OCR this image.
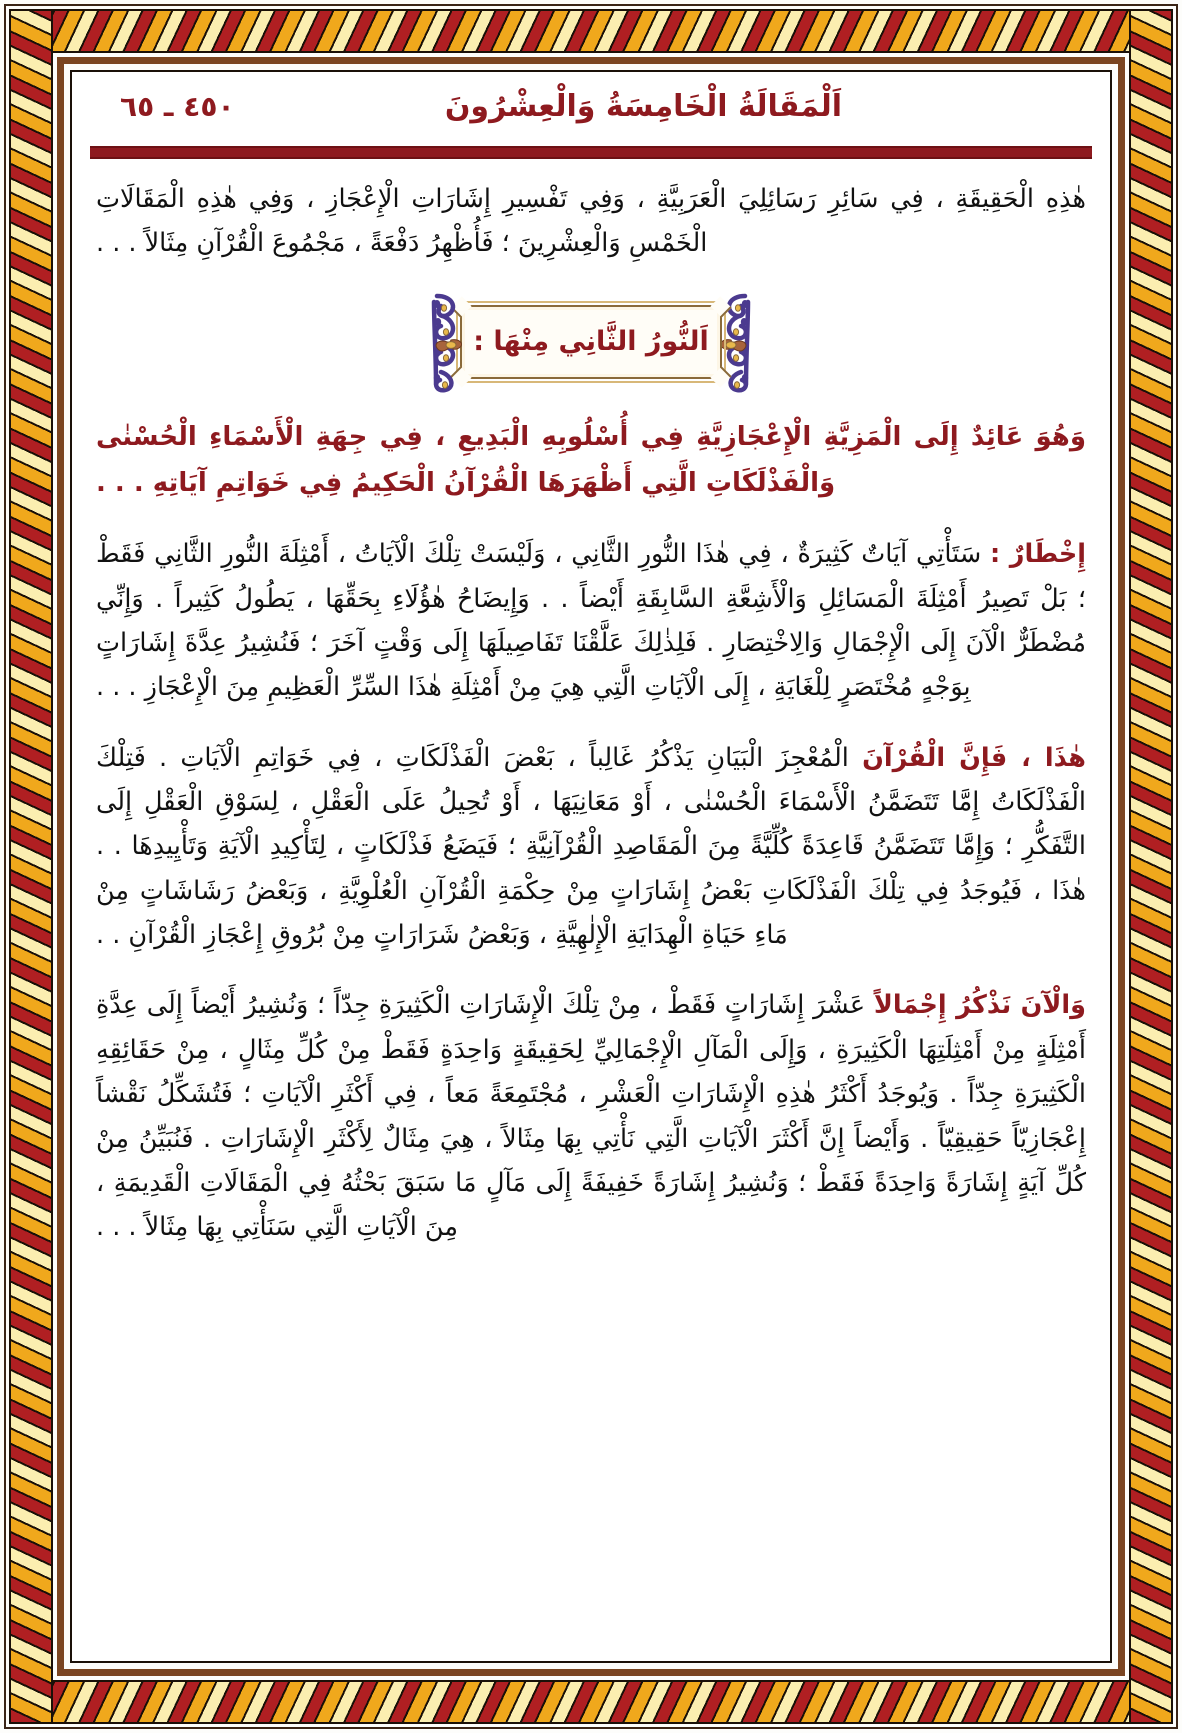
اَلْمَقَالَةُ الْخَامِسَةُ وَالْعِشْرُونَ
٤٥٠ ـ ٦٥

هٰذِهِ الْحَقِيقَةِ ، فِي سَائِرِ رَسَائِلِيَ الْعَرَبِيَّةِ ، وَفِي تَفْسِيرِ إِشَارَاتِ الْإِعْجَازِ ، وَفِي هٰذِهِ الْمَقَالَاتِ الْخَمْسِ وَالْعِشْرِينَ ؛ فَأُظْهِرُ دَفْعَةً ، مَجْمُوعَ الْقُرْآنِ مِثَالاً . . .

اَلنُّورُ الثَّانِي مِنْهَا :

وَهُوَ عَائِدٌ إِلَى الْمَزِيَّةِ الْإِعْجَازِيَّةِ فِي أُسْلُوبِهِ الْبَدِيعِ ، فِي جِهَةِ الْأَسْمَاءِ الْحُسْنٰى وَالْفَذْلَكَاتِ الَّتِي أَظْهَرَهَا الْقُرْآنُ الْحَكِيمُ فِي خَوَاتِمِ آيَاتِهِ . . .

إِخْطَارٌ : سَتَأْتِي آيَاتٌ كَثِيرَةٌ ، فِي هٰذَا النُّورِ الثَّانِي ، وَلَيْسَتْ تِلْكَ الْآيَاتُ ، أَمْثِلَةَ النُّورِ الثَّانِي فَقَطْ ؛ بَلْ تَصِيرُ أَمْثِلَةَ الْمَسَائِلِ وَالْأَشِعَّةِ السَّابِقَةِ أَيْضاً . . وَإِيضَاحُ هٰؤُلَاءِ بِحَقِّهَا ، يَطُولُ كَثِيراً . وَإِنِّي مُضْطَرٌّ الْآنَ إِلَى الْإِجْمَالِ وَالِاخْتِصَارِ . فَلِذٰلِكَ عَلَّقْنَا تَفَاصِيلَهَا إِلَى وَقْتٍ آخَرَ ؛ فَنُشِيرُ عِدَّةَ إِشَارَاتٍ بِوَجْهٍ مُخْتَصَرٍ لِلْغَايَةِ ، إِلَى الْآيَاتِ الَّتِي هِيَ مِنْ أَمْثِلَةِ هٰذَا السِّرِّ الْعَظِيمِ مِنَ الْإِعْجَازِ . . .

هٰذَا ، فَإِنَّ الْقُرْآنَ الْمُعْجِزَ الْبَيَانِ يَذْكُرُ غَالِباً ، بَعْضَ الْفَذْلَكَاتِ ، فِي خَوَاتِمِ الْآيَاتِ . فَتِلْكَ الْفَذْلَكَاتُ إِمَّا تَتَضَمَّنُ الْأَسْمَاءَ الْحُسْنٰى ، أَوْ مَعَانِيَهَا ، أَوْ تُحِيلُ عَلَى الْعَقْلِ ، لِسَوْقِ الْعَقْلِ إِلَى التَّفَكُّرِ ؛ وَإِمَّا تَتَضَمَّنُ قَاعِدَةً كُلِّيَّةً مِنَ الْمَقَاصِدِ الْقُرْآنِيَّةِ ؛ فَيَضَعُ فَذْلَكَاتٍ ، لِتَأْكِيدِ الْآيَةِ وَتَأْيِيدِهَا . . هٰذَا ، فَيُوجَدُ فِي تِلْكَ الْفَذْلَكَاتِ بَعْضُ إِشَارَاتٍ مِنْ حِكْمَةِ الْقُرْآنِ الْعُلْوِيَّةِ ، وَبَعْضُ رَشَاشَاتٍ مِنْ مَاءِ حَيَاةِ الْهِدَايَةِ الْإِلٰهِيَّةِ ، وَبَعْضُ شَرَارَاتٍ مِنْ بُرُوقِ إِعْجَازِ الْقُرْآنِ . .

وَالْآنَ نَذْكُرُ إِجْمَالاً عَشْرَ إِشَارَاتٍ فَقَطْ ، مِنْ تِلْكَ الْإِشَارَاتِ الْكَثِيرَةِ جِدّاً ؛ وَنُشِيرُ أَيْضاً إِلَى عِدَّةِ أَمْثِلَةٍ مِنْ أَمْثِلَتِهَا الْكَثِيرَةِ ، وَإِلَى الْمَآلِ الْإِجْمَالِيِّ لِحَقِيقَةٍ وَاحِدَةٍ فَقَطْ مِنْ كُلِّ مِثَالٍ ، مِنْ حَقَائِقِهِ الْكَثِيرَةِ جِدّاً . وَيُوجَدُ أَكْثَرُ هٰذِهِ الْإِشَارَاتِ الْعَشْرِ ، مُجْتَمِعَةً مَعاً ، فِي أَكْثَرِ الْآيَاتِ ؛ فَتُشَكِّلُ نَقْشاً إِعْجَازِيّاً حَقِيقِيّاً . وَأَيْضاً إِنَّ أَكْثَرَ الْآيَاتِ الَّتِي نَأْتِي بِهَا مِثَالاً ، هِيَ مِثَالٌ لِأَكْثَرِ الْإِشَارَاتِ . فَنُبَيِّنُ مِنْ كُلِّ آيَةٍ إِشَارَةً وَاحِدَةً فَقَطْ ؛ وَنُشِيرُ إِشَارَةً خَفِيفَةً إِلَى مَآلٍ مَا سَبَقَ بَحْثُهُ فِي الْمَقَالَاتِ الْقَدِيمَةِ ، مِنَ الْآيَاتِ الَّتِي سَنَأْتِي بِهَا مِثَالاً . . .
